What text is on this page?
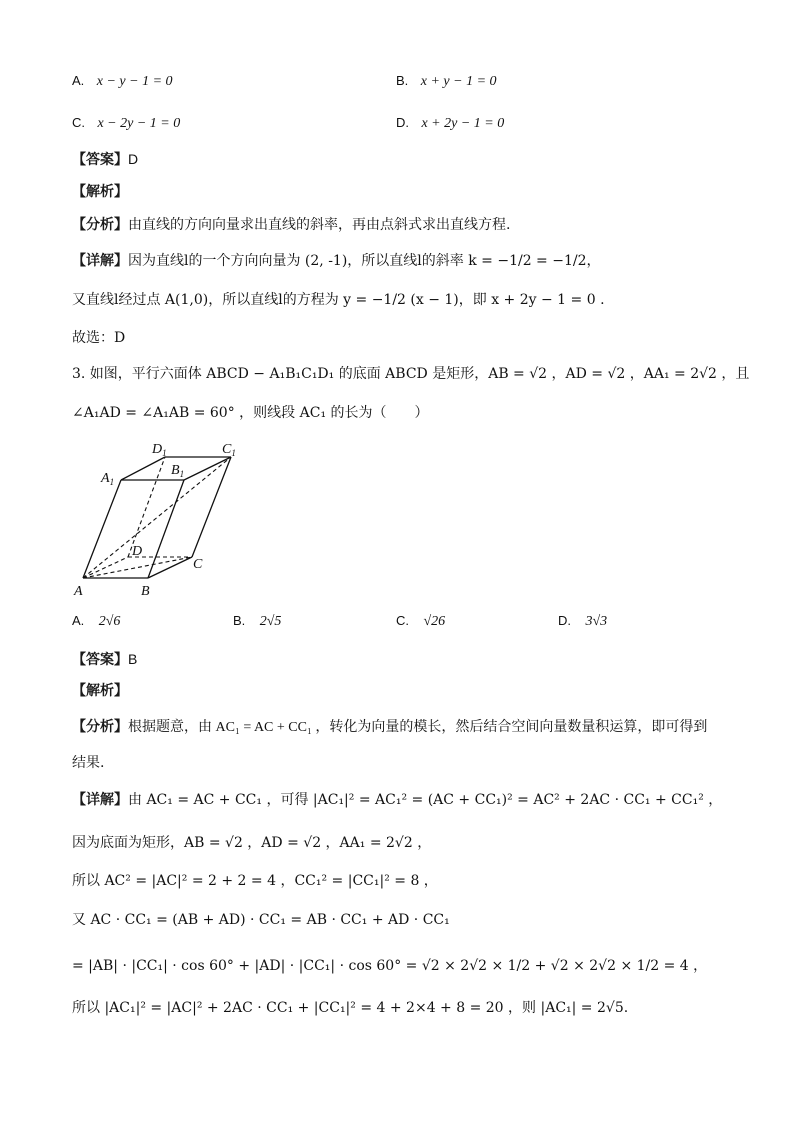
A. x − y − 1 = 0	B. x + y − 1 = 0
C. x − 2y − 1 = 0	D. x + 2y − 1 = 0
【答案】D
【解析】
【分析】由直线的方向向量求出直线的斜率，再由点斜式求出直线方程.
【详解】因为直线l的一个方向向量为 (2, -1)，所以直线l的斜率 k = −1/2 = −1/2，
又直线l经过点 A(1,0)，所以直线l的方程为 y = −1/2 (x − 1)，即 x + 2y − 1 = 0 .
故选：D
3. 如图，平行六面体 ABCD − A₁B₁C₁D₁ 的底面 ABCD 是矩形，AB = √2 ，AD = √2 ，AA₁ = 2√2 ，且
∠A₁AD = ∠A₁AB = 60° ，则线段 AC₁ 的长为（　　）
A	B
C
D
$A_1$
$B_1$
$C_1$
$D_1$
A. 2√6	B. 2√5	C. √26	D. 3√3
【答案】B
【解析】
【分析】根据题意，由 AC₁ = AC + CC₁ ，转化为向量的模长，然后结合空间向量数量积运算，即可得到
结果.
【详解】由 AC₁ = AC + CC₁ ，可得 |AC₁|² = AC₁² = (AC + CC₁)² = AC² + 2AC · CC₁ + CC₁² ，
因为底面为矩形，AB = √2 ，AD = √2 ，AA₁ = 2√2 ，
所以 AC² = |AC|² = 2 + 2 = 4 ，CC₁² = |CC₁|² = 8 ，
又 AC · CC₁ = (AB + AD) · CC₁ = AB · CC₁ + AD · CC₁
= |AB| · |CC₁| · cos 60° + |AD| · |CC₁| · cos 60° = √2 × 2√2 × 1/2 + √2 × 2√2 × 1/2 = 4 ，
所以 |AC₁|² = |AC|² + 2AC · CC₁ + |CC₁|² = 4 + 2×4 + 8 = 20 ，则 |AC₁| = 2√5.
